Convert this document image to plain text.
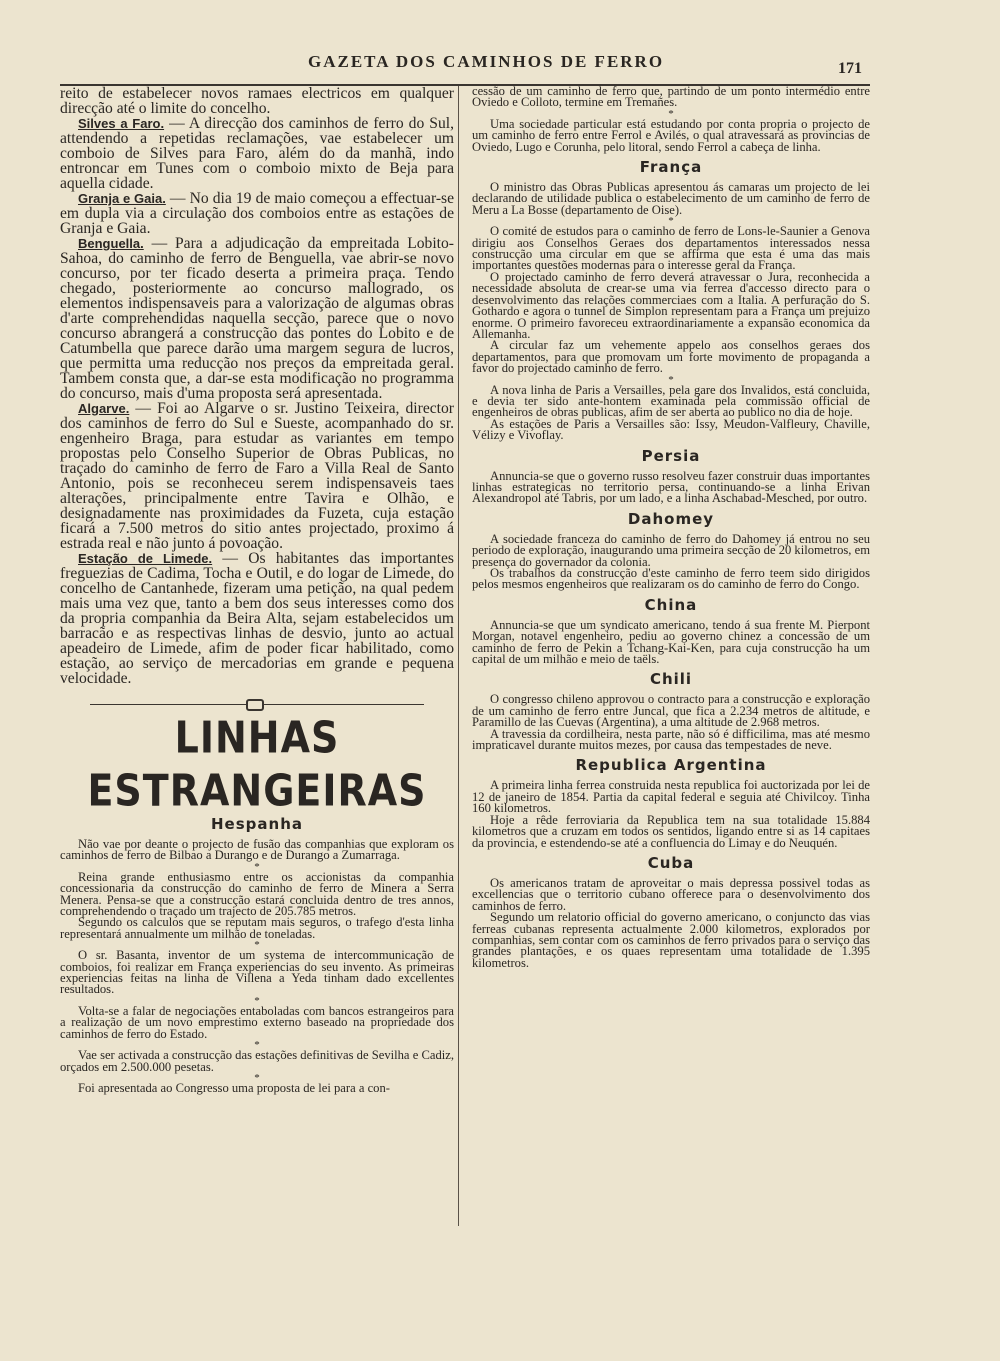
GAZETA DOS CAMINHOS DE FERRO	171

reito de estabelecer novos ramaes electricos em qualquer direcção até o limite do concelho.

Silves a Faro. — A direcção dos caminhos de ferro do Sul, attendendo a repetidas reclamações, vae estabelecer um comboio de Silves para Faro, além do da manhã, indo entroncar em Tunes com o comboio mixto de Beja para aquella cidade.

Granja e Gaia. — No dia 19 de maio começou a effectuar-se em dupla via a circulação dos comboios entre as estações de Granja e Gaia.

Benguella. — Para a adjudicação da empreitada Lobito-Sahoa, do caminho de ferro de Benguella, vae abrir-se novo concurso, por ter ficado deserta a primeira praça. Tendo chegado, posteriormente ao concurso mallogrado, os elementos indispensaveis para a valorização de algumas obras d'arte comprehendidas naquella secção, parece que o novo concurso abrangerá a construcção das pontes do Lobito e de Catumbella que parece darão uma margem segura de lucros, que permitta uma reducção nos preços da empreitada geral. Tambem consta que, a dar-se esta modificação no programma do concurso, mais d'uma proposta será apresentada.

Algarve. — Foi ao Algarve o sr. Justino Teixeira, director dos caminhos de ferro do Sul e Sueste, acompanhado do sr. engenheiro Braga, para estudar as variantes em tempo propostas pelo Conselho Superior de Obras Publicas, no traçado do caminho de ferro de Faro a Villa Real de Santo Antonio, pois se reconheceu serem indispensaveis taes alterações, principalmente entre Tavira e Olhão, e designadamente nas proximidades da Fuzeta, cuja estação ficará a 7.500 metros do sitio antes projectado, proximo á estrada real e não junto á povoação.

Estação de Limede. — Os habitantes das importantes freguezias de Cadima, Tocha e Outil, e do logar de Limede, do concelho de Cantanhede, fizeram uma petição, na qual pedem mais uma vez que, tanto a bem dos seus interesses como dos da propria companhia da Beira Alta, sejam estabelecidos um barracão e as respectivas linhas de desvio, junto ao actual apeadeiro de Limede, afim de poder ficar habilitado, como estação, ao serviço de mercadorias em grande e pequena velocidade.

LINHAS ESTRANGEIRAS
Hespanha

Não vae por deante o projecto de fusão das companhias que exploram os caminhos de ferro de Bilbao a Durango e de Durango a Zumarraga.

*

Reina grande enthusiasmo entre os accionistas da companhia concessionaria da construcção do caminho de ferro de Minera a Serra Menera. Pensa-se que a construcção estará concluida dentro de tres annos, comprehendendo o traçado um trajecto de 205.785 metros.

Segundo os calculos que se reputam mais seguros, o trafego d'esta linha representará annualmente um milhão de toneladas.

*

O sr. Basanta, inventor de um systema de intercommunicação de comboios, foi realizar em França experiencias do seu invento. As primeiras experiencias feitas na linha de Villena a Yeda tinham dado excellentes resultados.

*

Volta-se a falar de negociações entaboladas com bancos estrangeiros para a realização de um novo emprestimo externo baseado na propriedade dos caminhos de ferro do Estado.

*

Vae ser activada a construcção das estações definitivas de Sevilha e Cadiz, orçados em 2.500.000 pesetas.

*

Foi apresentada ao Congresso uma proposta de lei para a con-

cessão de um caminho de ferro que, partindo de um ponto intermédio entre Oviedo e Colloto, termine em Tremañes.

*

Uma sociedade particular está estudando por conta propria o projecto de um caminho de ferro entre Ferrol e Avilés, o qual atravessará as provincias de Oviedo, Lugo e Corunha, pelo litoral, sendo Ferrol a cabeça de linha.

França

O ministro das Obras Publicas apresentou ás camaras um projecto de lei declarando de utilidade publica o estabelecimento de um caminho de ferro de Meru a La Bosse (departamento de Oise).

*

O comité de estudos para o caminho de ferro de Lons-le-Saunier a Genova dirigiu aos Conselhos Geraes dos departamentos interessados nessa construcção uma circular em que se affirma que esta é uma das mais importantes questões modernas para o interesse geral da França.

O projectado caminho de ferro deverá atravessar o Jura, reconhecida a necessidade absoluta de crear-se uma via ferrea d'accesso directo para o desenvolvimento das relações commerciaes com a Italia. A perfuração do S. Gothardo e agora o tunnel de Simplon representam para a França um prejuizo enorme. O primeiro favoreceu extraordinariamente a expansão economica da Allemanha.

A circular faz um vehemente appelo aos conselhos geraes dos departamentos, para que promovam um forte movimento de propaganda a favor do projectado caminho de ferro.

*

A nova linha de Paris a Versailles, pela gare dos Invalidos, está concluida, e devia ter sido ante-hontem examinada pela commissão official de engenheiros de obras publicas, afim de ser aberta ao publico no dia de hoje.

As estações de Paris a Versailles são: Issy, Meudon-Valfleury, Chaville, Vélizy e Vivoflay.

Persia

Annuncia-se que o governo russo resolveu fazer construir duas importantes linhas estrategicas no territorio persa, continuando-se a linha Erivan Alexandropol até Tabris, por um lado, e a linha Aschabad-Mesched, por outro.

Dahomey

A sociedade franceza do caminho de ferro do Dahomey já entrou no seu periodo de exploração, inaugurando uma primeira secção de 20 kilometros, em presença do governador da colonia.

Os trabalhos da construcção d'este caminho de ferro teem sido dirigidos pelos mesmos engenheiros que realizaram os do caminho de ferro do Congo.

China

Annuncia-se que um syndicato americano, tendo á sua frente M. Pierpont Morgan, notavel engenheiro, pediu ao governo chinez a concessão de um caminho de ferro de Pekin a Tchang-Kai-Ken, para cuja construcção ha um capital de um milhão e meio de taëls.

Chili

O congresso chileno approvou o contracto para a construcção e exploração de um caminho de ferro entre Juncal, que fica a 2.234 metros de altitude, e Paramillo de las Cuevas (Argentina), a uma altitude de 2.968 metros.

A travessia da cordilheira, nesta parte, não só é difficilima, mas até mesmo impraticavel durante muitos mezes, por causa das tempestades de neve.

Republica Argentina

A primeira linha ferrea construida nesta republica foi auctorizada por lei de 12 de janeiro de 1854. Partia da capital federal e seguia até Chivilcoy. Tinha 160 kilometros.

Hoje a rêde ferroviaria da Republica tem na sua totalidade 15.884 kilometros que a cruzam em todos os sentidos, ligando entre si as 14 capitaes da provincia, e estendendo-se até a confluencia do Limay e do Neuquén.

Cuba

Os americanos tratam de aproveitar o mais depressa possivel todas as excellencias que o territorio cubano offerece para o desenvolvimento dos caminhos de ferro.

Segundo um relatorio official do governo americano, o conjuncto das vias ferreas cubanas representa actualmente 2.000 kilometros, explorados por companhias, sem contar com os caminhos de ferro privados para o serviço das grandes plantações, e os quaes representam uma totalidade de 1.395 kilometros.
